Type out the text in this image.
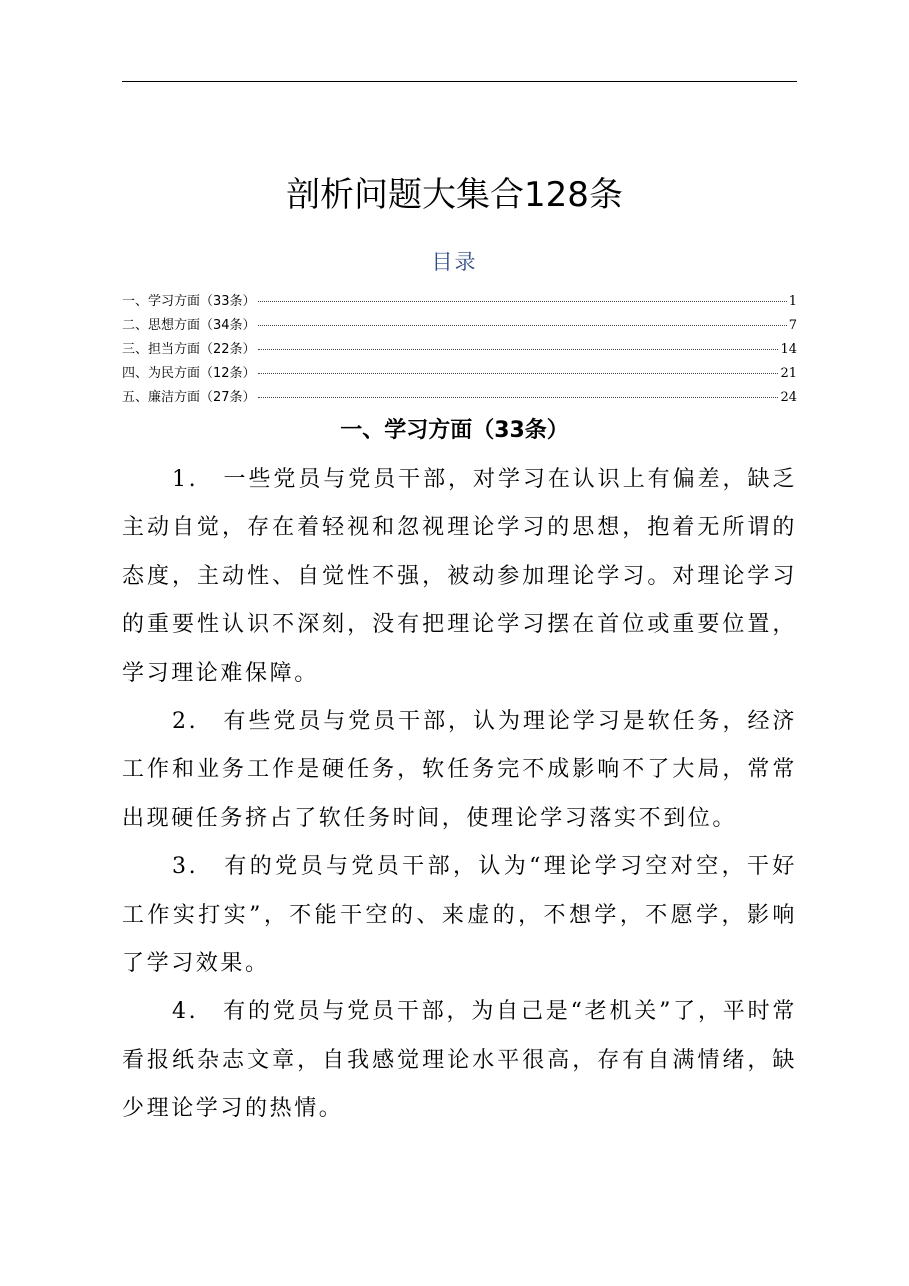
剖析问题大集合128条
目录
一、学习方面（33条）	1
二、思想方面（34条）	7
三、担当方面（22条）	14
四、为民方面（12条）	21
五、廉洁方面（27条）	24
一、学习方面（33条）

1.　一些党员与党员干部，对学习在认识上有偏差，缺乏主动自觉，存在着轻视和忽视理论学习的思想，抱着无所谓的态度，主动性、自觉性不强，被动参加理论学习。对理论学习的重要性认识不深刻，没有把理论学习摆在首位或重要位置，学习理论难保障。

2.　有些党员与党员干部，认为理论学习是软任务，经济工作和业务工作是硬任务，软任务完不成影响不了大局，常常出现硬任务挤占了软任务时间，使理论学习落实不到位。

3.　有的党员与党员干部，认为“理论学习空对空，干好工作实打实”，不能干空的、来虚的，不想学，不愿学，影响了学习效果。

4.　有的党员与党员干部，为自己是“老机关”了，平时常看报纸杂志文章，自我感觉理论水平很高，存有自满情绪，缺少理论学习的热情。
